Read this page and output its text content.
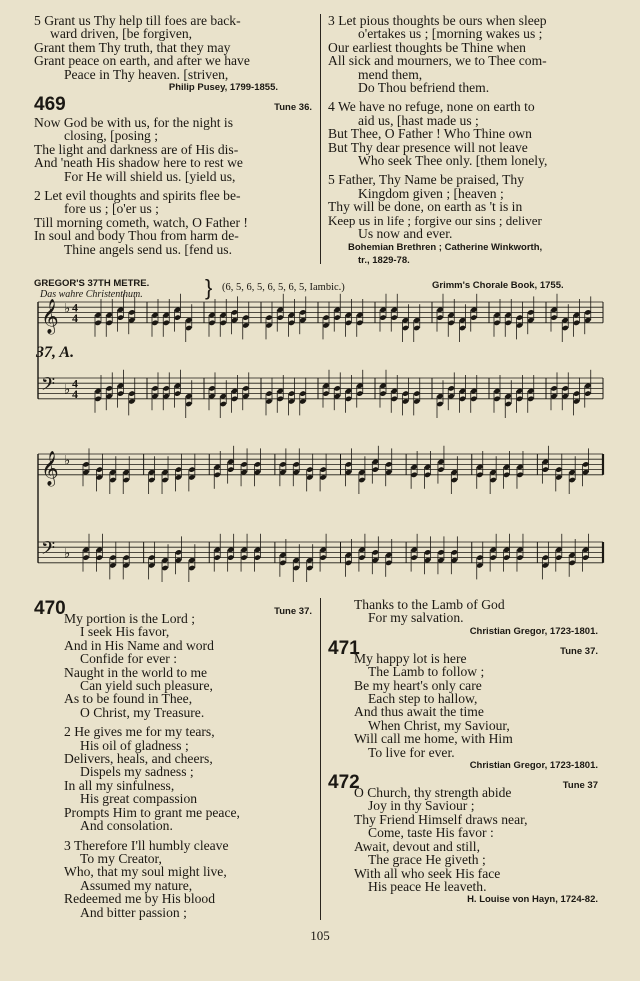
5 Grant us Thy help till foes are back-
ward driven, [be forgiven,
Grant them Thy truth, that they may
Grant peace on earth, and after we have
Peace in Thy heaven. [striven,
Philip Pusey, 1799-1855.
469	Tune 36.
Now God be with us, for the night is
closing, [posing ;
The light and darkness are of His dis-
And 'neath His shadow here to rest we
For He will shield us. [yield us,
2 Let evil thoughts and spirits flee be-
fore us ; [o'er us ;
Till morning cometh, watch, O Father !
In soul and body Thou from harm de-
Thine angels send us. [fend us.
3 Let pious thoughts be ours when sleep
o'ertakes us ; [morning wakes us ;
Our earliest thoughts be Thine when
All sick and mourners, we to Thee com-
mend them,
Do Thou befriend them.
4 We have no refuge, none on earth to
aid us, [hast made us ;
But Thee, O Father ! Who Thine own
But Thy dear presence will not leave
Who seek Thee only. [them lonely,
5 Father, Thy Name be praised, Thy
Kingdom given ; [heaven ;
Thy will be done, on earth as 't is in
Keep us in life ; forgive our sins ; deliver
Us now and ever.
Bohemian Brethren ; Catherine Winkworth,
tr., 1829-78.
GREGOR'S 37TH METRE.
Das wahre Christenthum.	} (6, 5, 6, 5, 6, 5, 6, 5, Iambic.)	Grimm's Chorale Book, 1755.
𝄞 ♭ 4
4
𝄢 ♭ 4
4
𝄞 ♭
𝄢 ♭
37, A.
470	Tune 37.
My portion is the Lord ;
I seek His favor,
And in His Name and word
Confide for ever :
Naught in the world to me
Can yield such pleasure,
As to be found in Thee,
O Christ, my Treasure.
2 He gives me for my tears,
His oil of gladness ;
Delivers, heals, and cheers,
Dispels my sadness ;
In all my sinfulness,
His great compassion
Prompts Him to grant me peace,
And consolation.
3 Therefore I'll humbly cleave
To my Creator,
Who, that my soul might live,
Assumed my nature,
Redeemed me by His blood
And bitter passion ;
Thanks to the Lamb of God
For my salvation.
Christian Gregor, 1723-1801.
471	Tune 37.
My happy lot is here
The Lamb to follow ;
Be my heart's only care
Each step to hallow,
And thus await the time
When Christ, my Saviour,
Will call me home, with Him
To live for ever.
Christian Gregor, 1723-1801.
472	Tune 37
O Church, thy strength abide
Joy in thy Saviour ;
Thy Friend Himself draws near,
Come, taste His favor :
Await, devout and still,
The grace He giveth ;
With all who seek His face
His peace He leaveth.
H. Louise von Hayn, 1724-82.
105
